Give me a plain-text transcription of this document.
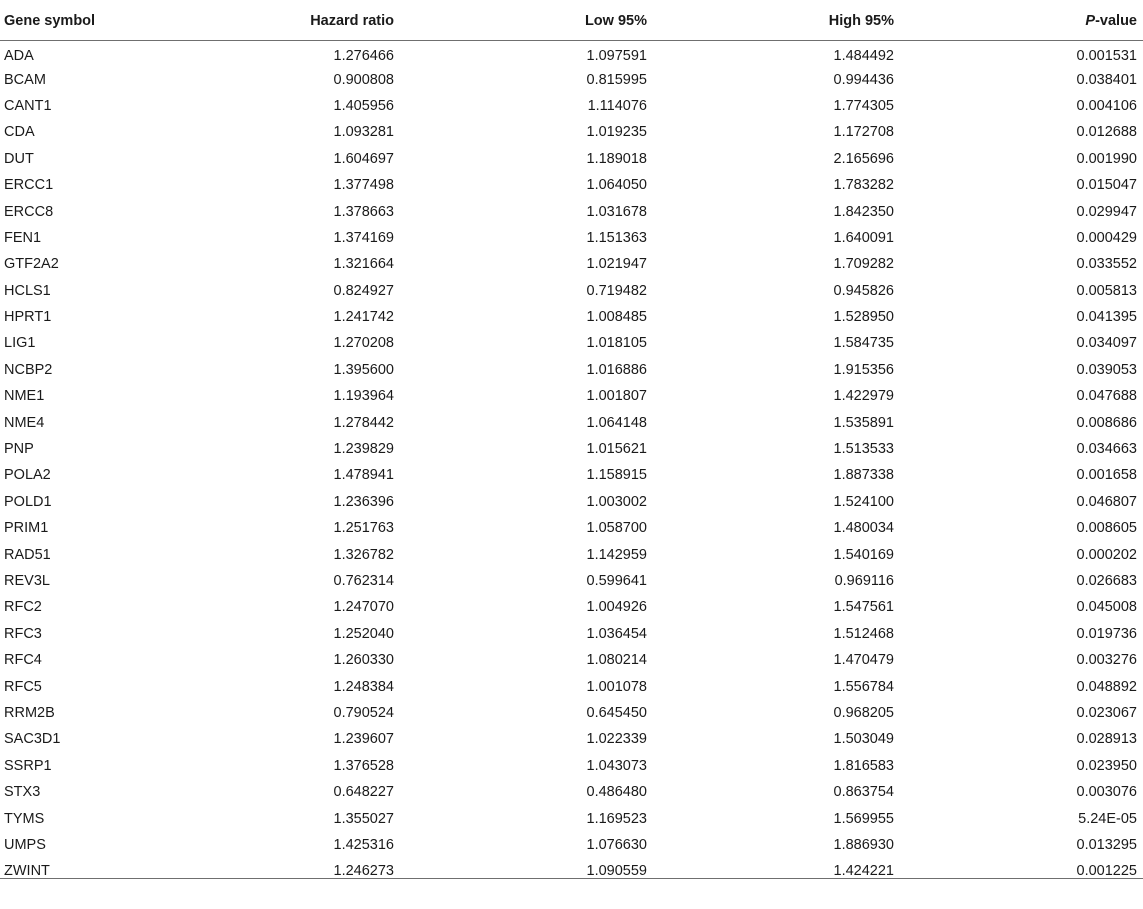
Gene symbol	Hazard ratio	Low 95%	High 95%	P-value
ADA	1.276466	1.097591	1.484492	0.001531
BCAM	0.900808	0.815995	0.994436	0.038401
CANT1	1.405956	1.114076	1.774305	0.004106
CDA	1.093281	1.019235	1.172708	0.012688
DUT	1.604697	1.189018	2.165696	0.001990
ERCC1	1.377498	1.064050	1.783282	0.015047
ERCC8	1.378663	1.031678	1.842350	0.029947
FEN1	1.374169	1.151363	1.640091	0.000429
GTF2A2	1.321664	1.021947	1.709282	0.033552
HCLS1	0.824927	0.719482	0.945826	0.005813
HPRT1	1.241742	1.008485	1.528950	0.041395
LIG1	1.270208	1.018105	1.584735	0.034097
NCBP2	1.395600	1.016886	1.915356	0.039053
NME1	1.193964	1.001807	1.422979	0.047688
NME4	1.278442	1.064148	1.535891	0.008686
PNP	1.239829	1.015621	1.513533	0.034663
POLA2	1.478941	1.158915	1.887338	0.001658
POLD1	1.236396	1.003002	1.524100	0.046807
PRIM1	1.251763	1.058700	1.480034	0.008605
RAD51	1.326782	1.142959	1.540169	0.000202
REV3L	0.762314	0.599641	0.969116	0.026683
RFC2	1.247070	1.004926	1.547561	0.045008
RFC3	1.252040	1.036454	1.512468	0.019736
RFC4	1.260330	1.080214	1.470479	0.003276
RFC5	1.248384	1.001078	1.556784	0.048892
RRM2B	0.790524	0.645450	0.968205	0.023067
SAC3D1	1.239607	1.022339	1.503049	0.028913
SSRP1	1.376528	1.043073	1.816583	0.023950
STX3	0.648227	0.486480	0.863754	0.003076
TYMS	1.355027	1.169523	1.569955	5.24E-05
UMPS	1.425316	1.076630	1.886930	0.013295
ZWINT	1.246273	1.090559	1.424221	0.001225
